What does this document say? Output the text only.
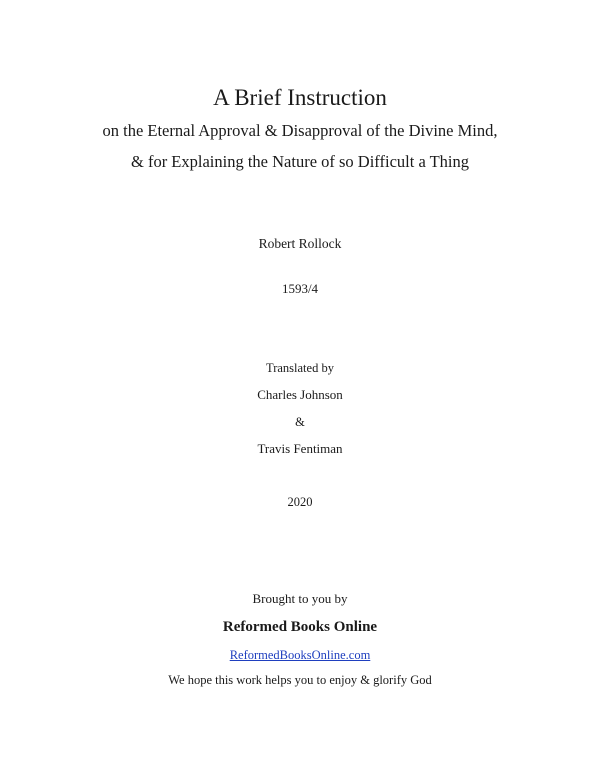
A Brief Instruction
on the Eternal Approval & Disapproval of the Divine Mind,
& for Explaining the Nature of so Difficult a Thing
Robert Rollock
1593/4
Translated by
Charles Johnson
&
Travis Fentiman
2020
Brought to you by
Reformed Books Online
ReformedBooksOnline.com
We hope this work helps you to enjoy & glorify God
